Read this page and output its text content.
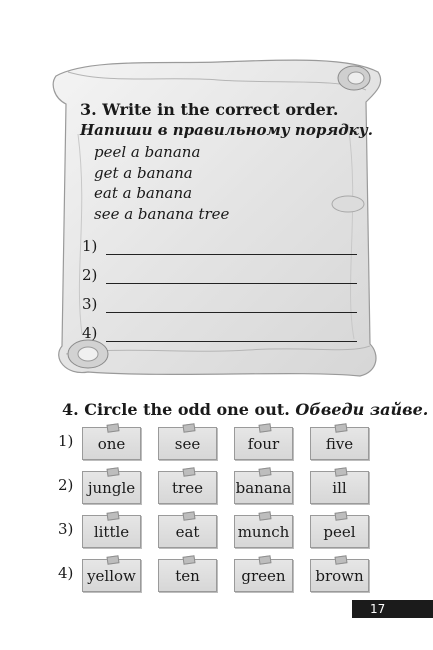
3. Write in the correct order.
Напиши в правильному порядку.
peel a banana
get a banana
eat a banana
see a banana tree
1)
2)
3)
4)
4. Circle the odd one out. Обведи зайве.
1)	one	see	four	five
2) jungle	tree	banana	ill
3)	little	eat	munch	peel
4) yellow	ten	green	brown
17
